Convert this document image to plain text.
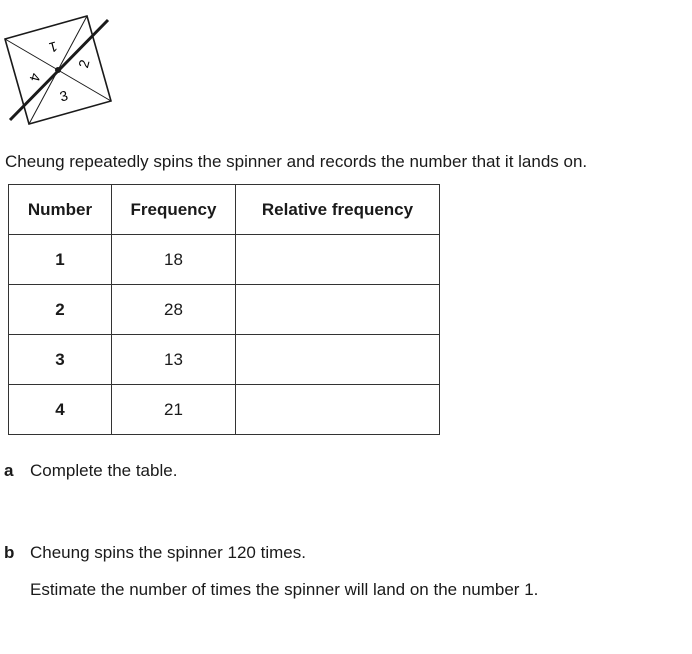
1
2
3
4

Cheung repeatedly spins the spinner and records the number that it lands on.

Number	Frequency	Relative frequency
1	18	
2	28	
3	13	
4	21	
a Complete the table.
b Cheung spins the spinner 120 times.
Estimate the number of times the spinner will land on the number 1.
